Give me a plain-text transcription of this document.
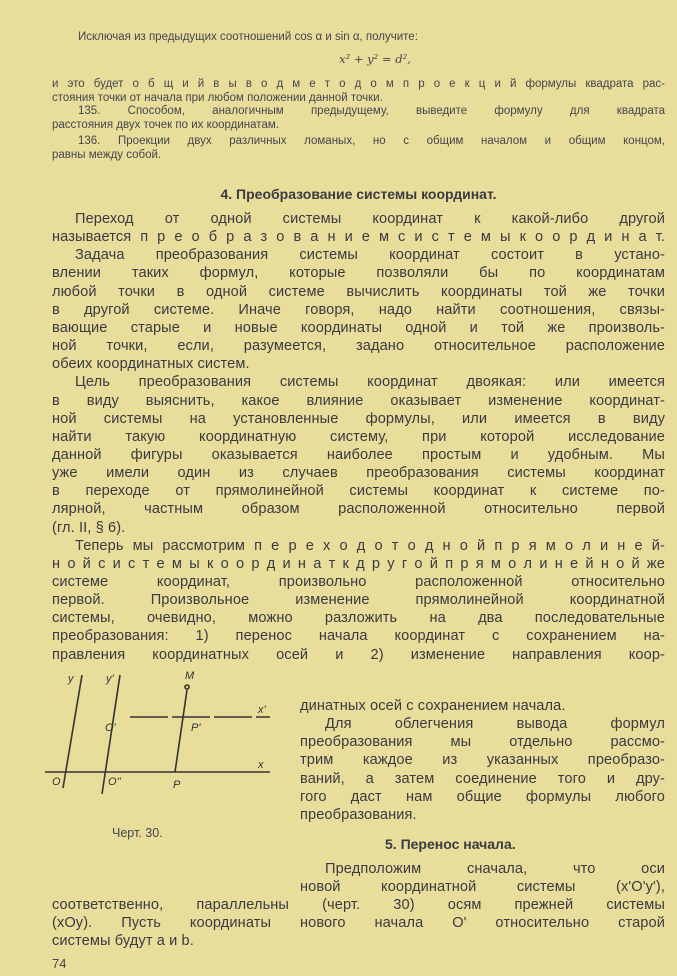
Исключая из предыдущих соотношений cos α и sin α, получите:
x² + y² = d²,
и это будет о б щ и й в ы в о д м е т о д о м п р о е к ц и й формулы квадрата рас-
стояния точки от начала при любом положении данной точки.
135. Способом, аналогичным предыдущему, выведите формулу для квадрата
расстояния двух точек по их координатам.
136. Проекции двух различных ломаных, но с общим началом и общим концом,
равны между собой.
4. Преобразование системы координат.
Переход от одной системы координат к какой-либо другой
называется п р е о б р а з о в а н и е м с и с т е м ы к о о р д и н а т.
Задача преобразования системы координат состоит в устано-
влении таких формул, которые позволяли бы по координатам
любой точки в одной системе вычислить координаты той же точки
в другой системе. Иначе говоря, надо найти соотношения, связы-
вающие старые и новые координаты одной и той же произволь-
ной точки, если, разумеется, задано относительное расположение
обеих координатных систем.
Цель преобразования системы координат двоякая: или имеется
в виду выяснить, какое влияние оказывает изменение координат-
ной системы на установленные формулы, или имеется в виду
найти такую координатную систему, при которой исследование
данной фигуры оказывается наиболее простым и удобным. Мы
уже имели один из случаев преобразования системы координат
в переходе от прямолинейной системы координат к системе по-
лярной, частным образом расположенной относительно первой
(гл. II, § 6).
Теперь мы рассмотрим п е р е х о д о т о д н о й п р я м о л и н е й-
н о й с и с т е м ы к о о р д и н а т к д р у г о й п р я м о л и н е й н о й же
системе координат, произвольно расположенной относительно
первой. Произвольное изменение прямолинейной координатной
системы, очевидно, можно разложить на два последовательные
преобразования: 1) перенос начала координат с сохранением на-
правления координатных осей и 2) изменение направления коор-
динатных осей с сохранением начала.
Для облегчения вывода формул
преобразования мы отдельно рассмо-
трим каждое из указанных преобразо-
ваний, а затем соединение того и дру-
гого даст нам общие формулы любого
преобразования.
y	y'	M
x'
O'	P'
x
O	O''	P
Черт. 30.
5. Перенос начала.
Предположим сначала, что оси
новой координатной системы (x'O'y'),
соответственно, параллельны (черт. 30) осям прежней системы
(xOy). Пусть координаты нового начала O' относительно старой
системы будут a и b.
74
